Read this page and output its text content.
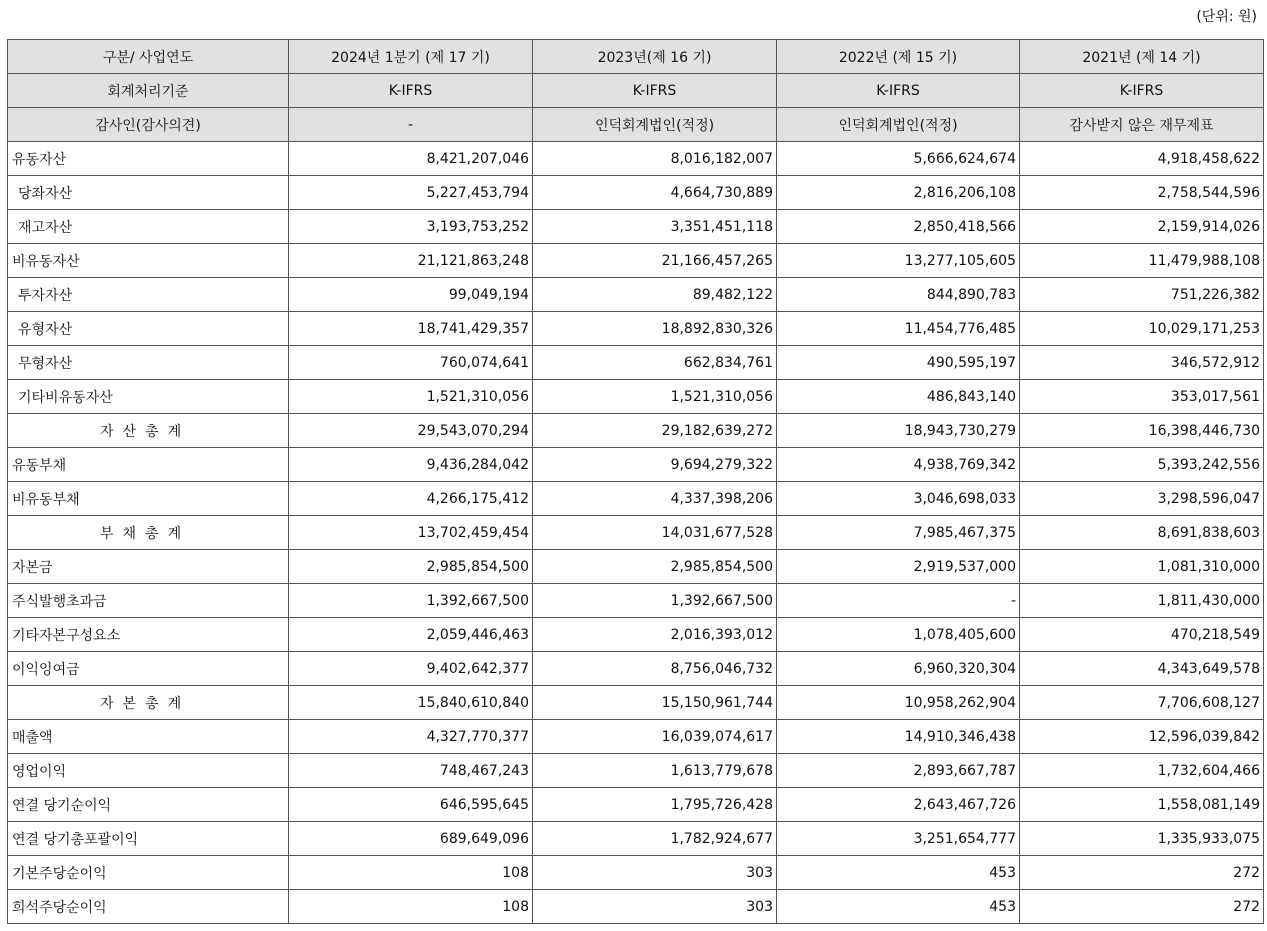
(단위: 원)
구분/ 사업연도	2024년 1분기 (제 17 기)	2023년(제 16 기)	2022년 (제 15 기)	2021년 (제 14 기)
회계처리기준	K-IFRS	K-IFRS	K-IFRS	K-IFRS
감사인(감사의견)	-	인덕회계법인(적정)	인덕회계법인(적정)	감사받지 않은 재무제표
유동자산	8,421,207,046	8,016,182,007	5,666,624,674	4,918,458,622
당좌자산	5,227,453,794	4,664,730,889	2,816,206,108	2,758,544,596
재고자산	3,193,753,252	3,351,451,118	2,850,418,566	2,159,914,026
비유동자산	21,121,863,248	21,166,457,265	13,277,105,605	11,479,988,108
투자자산	99,049,194	89,482,122	844,890,783	751,226,382
유형자산	18,741,429,357	18,892,830,326	11,454,776,485	10,029,171,253
무형자산	760,074,641	662,834,761	490,595,197	346,572,912
기타비유동자산	1,521,310,056	1,521,310,056	486,843,140	353,017,561
자산총계	29,543,070,294	29,182,639,272	18,943,730,279	16,398,446,730
유동부채	9,436,284,042	9,694,279,322	4,938,769,342	5,393,242,556
비유동부채	4,266,175,412	4,337,398,206	3,046,698,033	3,298,596,047
부채총계	13,702,459,454	14,031,677,528	7,985,467,375	8,691,838,603
자본금	2,985,854,500	2,985,854,500	2,919,537,000	1,081,310,000
주식발행초과금	1,392,667,500	1,392,667,500	-	1,811,430,000
기타자본구성요소	2,059,446,463	2,016,393,012	1,078,405,600	470,218,549
이익잉여금	9,402,642,377	8,756,046,732	6,960,320,304	4,343,649,578
자본총계	15,840,610,840	15,150,961,744	10,958,262,904	7,706,608,127
매출액	4,327,770,377	16,039,074,617	14,910,346,438	12,596,039,842
영업이익	748,467,243	1,613,779,678	2,893,667,787	1,732,604,466
연결 당기순이익	646,595,645	1,795,726,428	2,643,467,726	1,558,081,149
연결 당기총포괄이익	689,649,096	1,782,924,677	3,251,654,777	1,335,933,075
기본주당순이익	108	303	453	272
희석주당순이익	108	303	453	272
